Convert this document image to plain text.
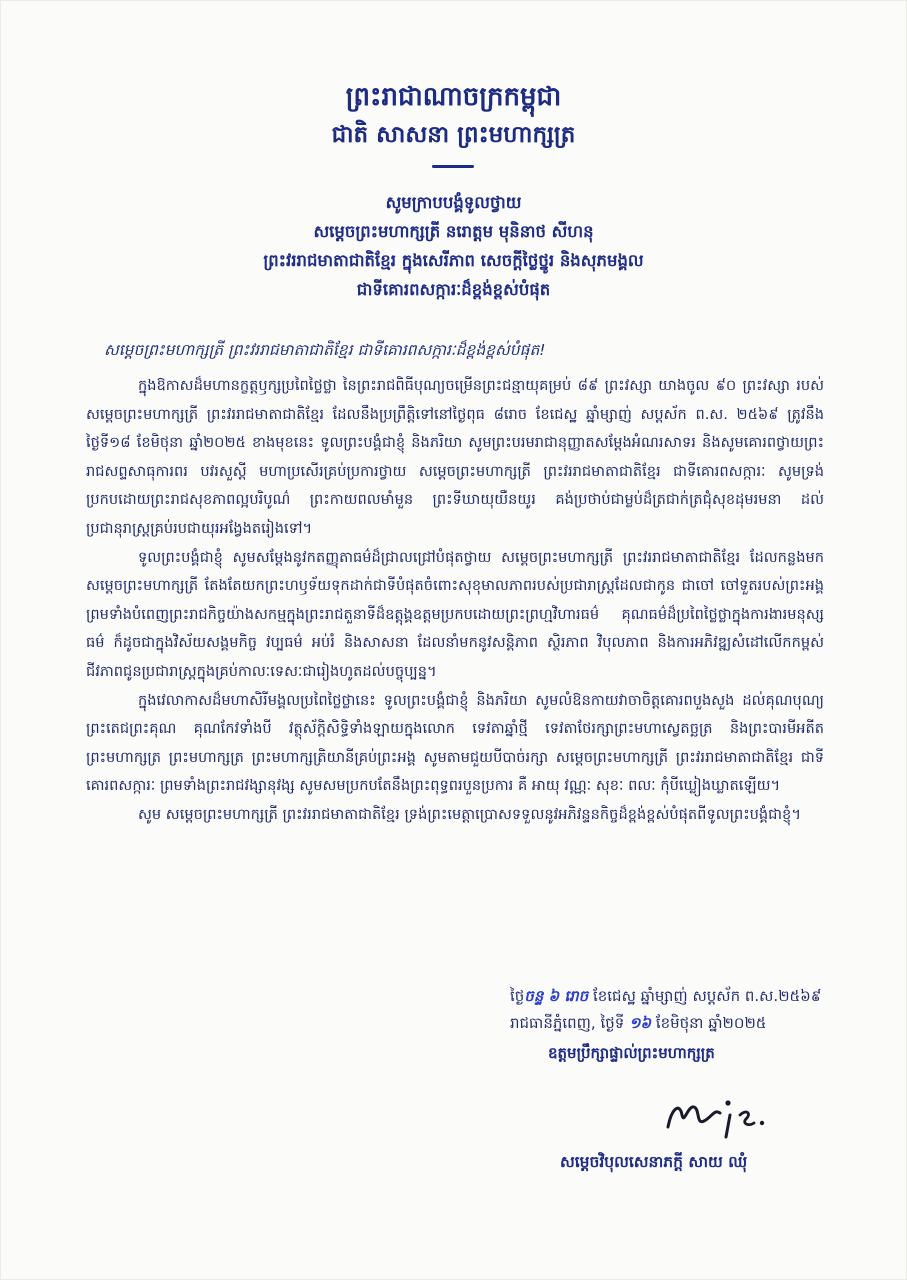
ព្រះរាជាណាចក្រកម្ពុជា
ជាតិ សាសនា ព្រះមហាក្សត្រ
សូមក្រាបបង្គំទូលថ្វាយ
សម្ដេចព្រះមហាក្សត្រី នរោត្ដម មុនិនាថ សីហនុ
ព្រះវររាជមាតាជាតិខ្មែរ ក្នុងសេរីភាព សេចក្ដីថ្លៃថ្នូរ និងសុភមង្គល
ជាទីគោរពសក្ការៈដ៏ខ្ពង់ខ្ពស់បំផុត
សម្ដេចព្រះមហាក្សត្រី ព្រះវររាជមាតាជាតិខ្មែរ ជាទីគោរពសក្ការៈដ៏ខ្ពង់ខ្ពស់បំផុត!

ក្នុងឱកាសដ៏មហានក្ខត្តឫក្សប្រពៃថ្លៃថ្លា នៃព្រះរាជពិធីបុណ្យចម្រើនព្រះជន្មាយុគម្រប់ ៨៩ ព្រះវស្សា យាងចូល ៩០ ព្រះវស្សា របស់ សម្ដេចព្រះមហាក្សត្រី ព្រះវររាជមាតាជាតិខ្មែរ ដែលនឹងប្រព្រឹត្ដិទៅនៅថ្ងៃពុធ ៨រោច ខែជេស្ឋ ឆ្នាំម្សាញ់ សប្ដស័ក ព.ស. ២៥៦៩ ត្រូវនឹងថ្ងៃទី១៨ ខែមិថុនា ឆ្នាំ២០២៥ ខាងមុខនេះ ទូលព្រះបង្គំជាខ្ញុំ និងភរិយា សូមព្រះបរមរាជានុញ្ញាតសម្ដែងអំណរសាទរ និងសូមគោរពថ្វាយព្រះរាជសព្ទសាធុការពរ បវរសួស្ដី មហាប្រសើរគ្រប់ប្រការថ្វាយ សម្ដេចព្រះមហាក្សត្រី ព្រះវររាជមាតាជាតិខ្មែរ ជាទីគោរពសក្ការៈ សូមទ្រង់ប្រកបដោយព្រះរាជសុខភាពល្អបរិបូណ៌ ព្រះកាយពលមាំមួន ព្រះទីឃាយុយឺនយូរ គង់ប្រថាប់ជាម្លប់ដ៏ត្រជាក់ត្រជុំសុខដុមរមនា ដល់ប្រជានុរាស្ដ្រគ្រប់របជាយុរអង្វែងតរៀងទៅ។

ទូលព្រះបង្គំជាខ្ញុំ សូមសម្ដែងនូវកតញ្ញុតាធម៌ដ៏ជ្រាលជ្រៅបំផុតថ្វាយ សម្ដេចព្រះមហាក្សត្រី ព្រះវររាជមាតាជាតិខ្មែរ ដែលកន្លងមក សម្ដេចព្រះមហាក្សត្រី តែងតែយកព្រះហឫទ័យទុកដាក់ជាទីបំផុតចំពោះសុខុមាលភាពរបស់ប្រជារាស្ដ្រដែលជាកូន ជាចៅ ចៅទួតរបស់ព្រះអង្គ ព្រមទាំងបំពេញព្រះរាជកិច្ចយ៉ាងសកម្មក្នុងព្រះរាជតួនាទីដ៏ឧត្ដុង្គឧត្ដមប្រកបដោយព្រះព្រហ្មវិហារធម៌ គុណធម៌ដ៏ប្រពៃថ្លៃថ្លាក្នុងការងារមនុស្សធម៌ ក៏ដូចជាក្នុងវិស័យសង្គមកិច្ច វប្បធម៌ អប់រំ និងសាសនា ដែលនាំមកនូវសន្ដិភាព ស្ថិរភាព វិបុលភាព និងការអភិវឌ្ឍសំដៅលើកកម្ពស់ជីវភាពជូនប្រជារាស្ដ្រក្នុងគ្រប់កាលៈទេសៈជារៀងហូតដល់បច្ចុប្បន្ន។

ក្នុងវេលាកាសដ៏មហាសិរីមង្គលប្រពៃថ្លៃថ្លានេះ ទូលព្រះបង្គំជាខ្ញុំ និងភរិយា សូមលំឱនកាយវាចាចិត្តគោរពបួងសួង ដល់គុណបុណ្យព្រះតេជព្រះគុណ គុណកែវទាំងបី វត្ថុស័ក្ដិសិទ្ធិទាំងឡាយក្នុងលោក ទេវតាឆ្នាំថ្មី ទេវតាថែរក្សាព្រះមហាស្វេតច្ឆត្រ និងព្រះបារមីអតីតព្រះមហាក្សត្រ ព្រះមហាក្សត្រ ព្រះមហាក្សត្រិយានីគ្រប់ព្រះអង្គ សូមតាមជួយបីបាច់រក្សា សម្ដេចព្រះមហាក្សត្រី ព្រះវររាជមាតាជាតិខ្មែរ ជាទីគោរពសក្ការៈ ព្រមទាំងព្រះរាជវង្សានុវង្ស សូមសមប្រកបតែនឹងព្រះពុទ្ធពរបួនប្រការ គឺ អាយុ វណ្ណៈ សុខៈ ពលៈ កុំបីឃ្លៀងឃ្លាតឡើយ។

សូម សម្ដេចព្រះមហាក្សត្រី ព្រះវររាជមាតាជាតិខ្មែរ ទ្រង់ព្រះមេត្ដាប្រោសទទួលនូវអភិវន្ទនកិច្ចដ៏ខ្ពង់ខ្ពស់បំផុតពីទូលព្រះបង្គំជាខ្ញុំ។

ថ្ងៃចន្ទ ៦ រោច ខែជេស្ឋ ឆ្នាំម្សាញ់ សប្ដស័ក ព.ស.២៥៦៩
រាជធានីភ្នំពេញ, ថ្ងៃទី ១៦ ខែមិថុនា ឆ្នាំ២០២៥
ឧត្ដមប្រឹក្សាផ្ទាល់ព្រះមហាក្សត្រ
សម្ដេចវិបុលសេនាភក្ដី សាយ ឈុំ
